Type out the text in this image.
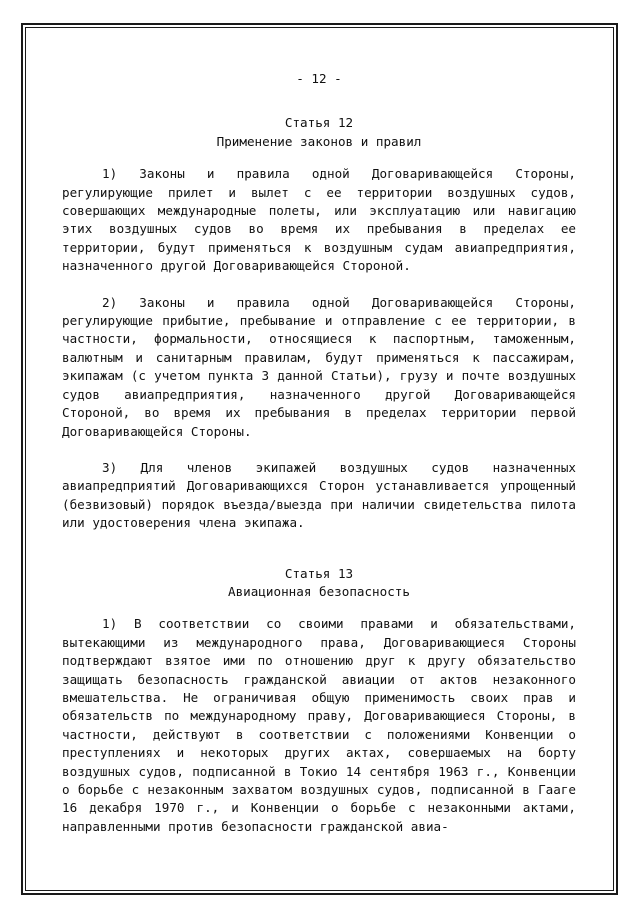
- 12 -

Статья 12

Применение законов и правил

1) Законы и правила одной Договаривающейся Стороны, регулирующие прилет и вылет с ее территории воздушных судов, совершающих международные полеты, или эксплуатацию или навигацию этих воздушных судов во время их пребывания в пределах ее территории, будут применяться к воздушным судам авиапредприятия, назначенного другой Договаривающейся Стороной.

2) Законы и правила одной Договаривающейся Стороны, регулирующие прибытие, пребывание и отправление с ее территории, в частности, формальности, относящиеся к паспортным, таможенным, валютным и санитарным правилам, будут применяться к пассажирам, экипажам (с учетом пункта 3 данной Статьи), грузу и почте воздушных судов авиапредприятия, назначенного другой Договаривающейся Стороной, во время их пребывания в пределах территории первой Договаривающейся Стороны.

3) Для членов экипажей воздушных судов назначенных авиапредприятий Договаривающихся Сторон устанавливается упрощенный (безвизовый) порядок въезда/выезда при наличии свидетельства пилота или удостоверения члена экипажа.

Статья 13

Авиационная безопасность

1) В соответствии со своими правами и обязательствами, вытекающими из международного права, Договаривающиеся Стороны подтверждают взятое ими по отношению друг к другу обязательство защищать безопасность гражданской авиации от актов незаконного вмешательства. Не ограничивая общую применимость своих прав и обязательств по международному праву, Договаривающиеся Стороны, в частности, действуют в соответствии с положениями Конвенции о преступлениях и некоторых других актах, совершаемых на борту воздушных судов, подписанной в Токио 14 сентября 1963 г., Конвенции о борьбе с незаконным захватом воздушных судов, подписанной в Гааге 16 декабря 1970 г., и Конвенции о борьбе с незаконными актами, направленными против безопасности гражданской авиа-
